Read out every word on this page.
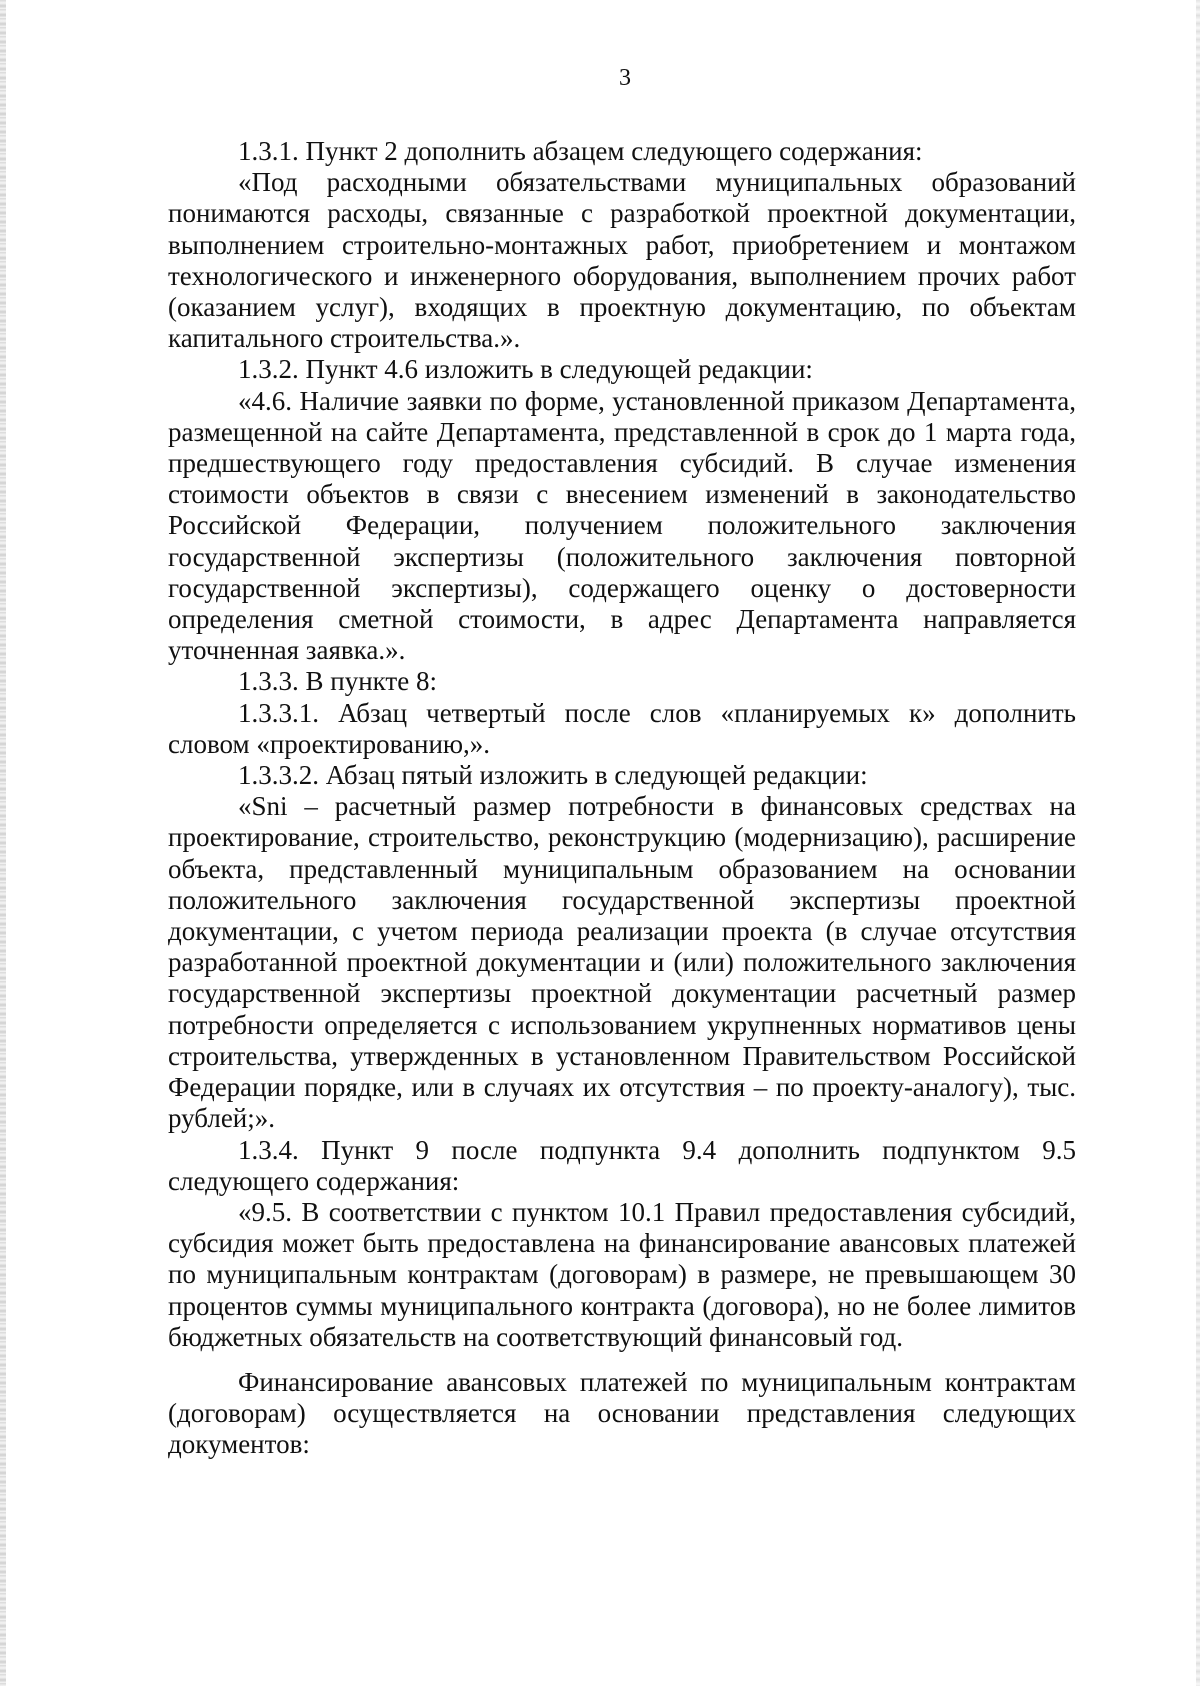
3

1.3.1. Пункт 2 дополнить абзацем следующего содержания:

«Под расходными обязательствами муниципальных образований понимаются расходы, связанные с разработкой проектной документации, выполнением строительно-монтажных работ, приобретением и монтажом технологического и инженерного оборудования, выполнением прочих работ (оказанием услуг), входящих в проектную документацию, по объектам капитального строительства.».

1.3.2. Пункт 4.6 изложить в следующей редакции:

«4.6. Наличие заявки по форме, установленной приказом Департамента, размещенной на сайте Департамента, представленной в срок до 1 марта года, предшествующего году предоставления субсидий. В случае изменения стоимости объектов в связи с внесением изменений в законодательство Российской Федерации, получением положительного заключения государственной экспертизы (положительного заключения повторной государственной экспертизы), содержащего оценку о достоверности определения сметной стоимости, в адрес Департамента направляется уточненная заявка.».

1.3.3. В пункте 8:

1.3.3.1. Абзац четвертый после слов «планируемых к» дополнить словом «проектированию,».

1.3.3.2. Абзац пятый изложить в следующей редакции:

«Sni – расчетный размер потребности в финансовых средствах на проектирование, строительство, реконструкцию (модернизацию), расширение объекта, представленный муниципальным образованием на основании положительного заключения государственной экспертизы проектной документации, с учетом периода реализации проекта (в случае отсутствия разработанной проектной документации и (или) положительного заключения государственной экспертизы проектной документации расчетный размер потребности определяется с использованием укрупненных нормативов цены строительства, утвержденных в установленном Правительством Российской Федерации порядке, или в случаях их отсутствия – по проекту-аналогу), тыс. рублей;».

1.3.4. Пункт 9 после подпункта 9.4 дополнить подпунктом 9.5 следующего содержания:

«9.5. В соответствии с пунктом 10.1 Правил предоставления субсидий, субсидия может быть предоставлена на финансирование авансовых платежей по муниципальным контрактам (договорам) в размере, не превышающем 30 процентов суммы муниципального контракта (договора), но не более лимитов бюджетных обязательств на соответствующий финансовый год.

Финансирование авансовых платежей по муниципальным контрактам (договорам) осуществляется на основании представления следующих документов:
